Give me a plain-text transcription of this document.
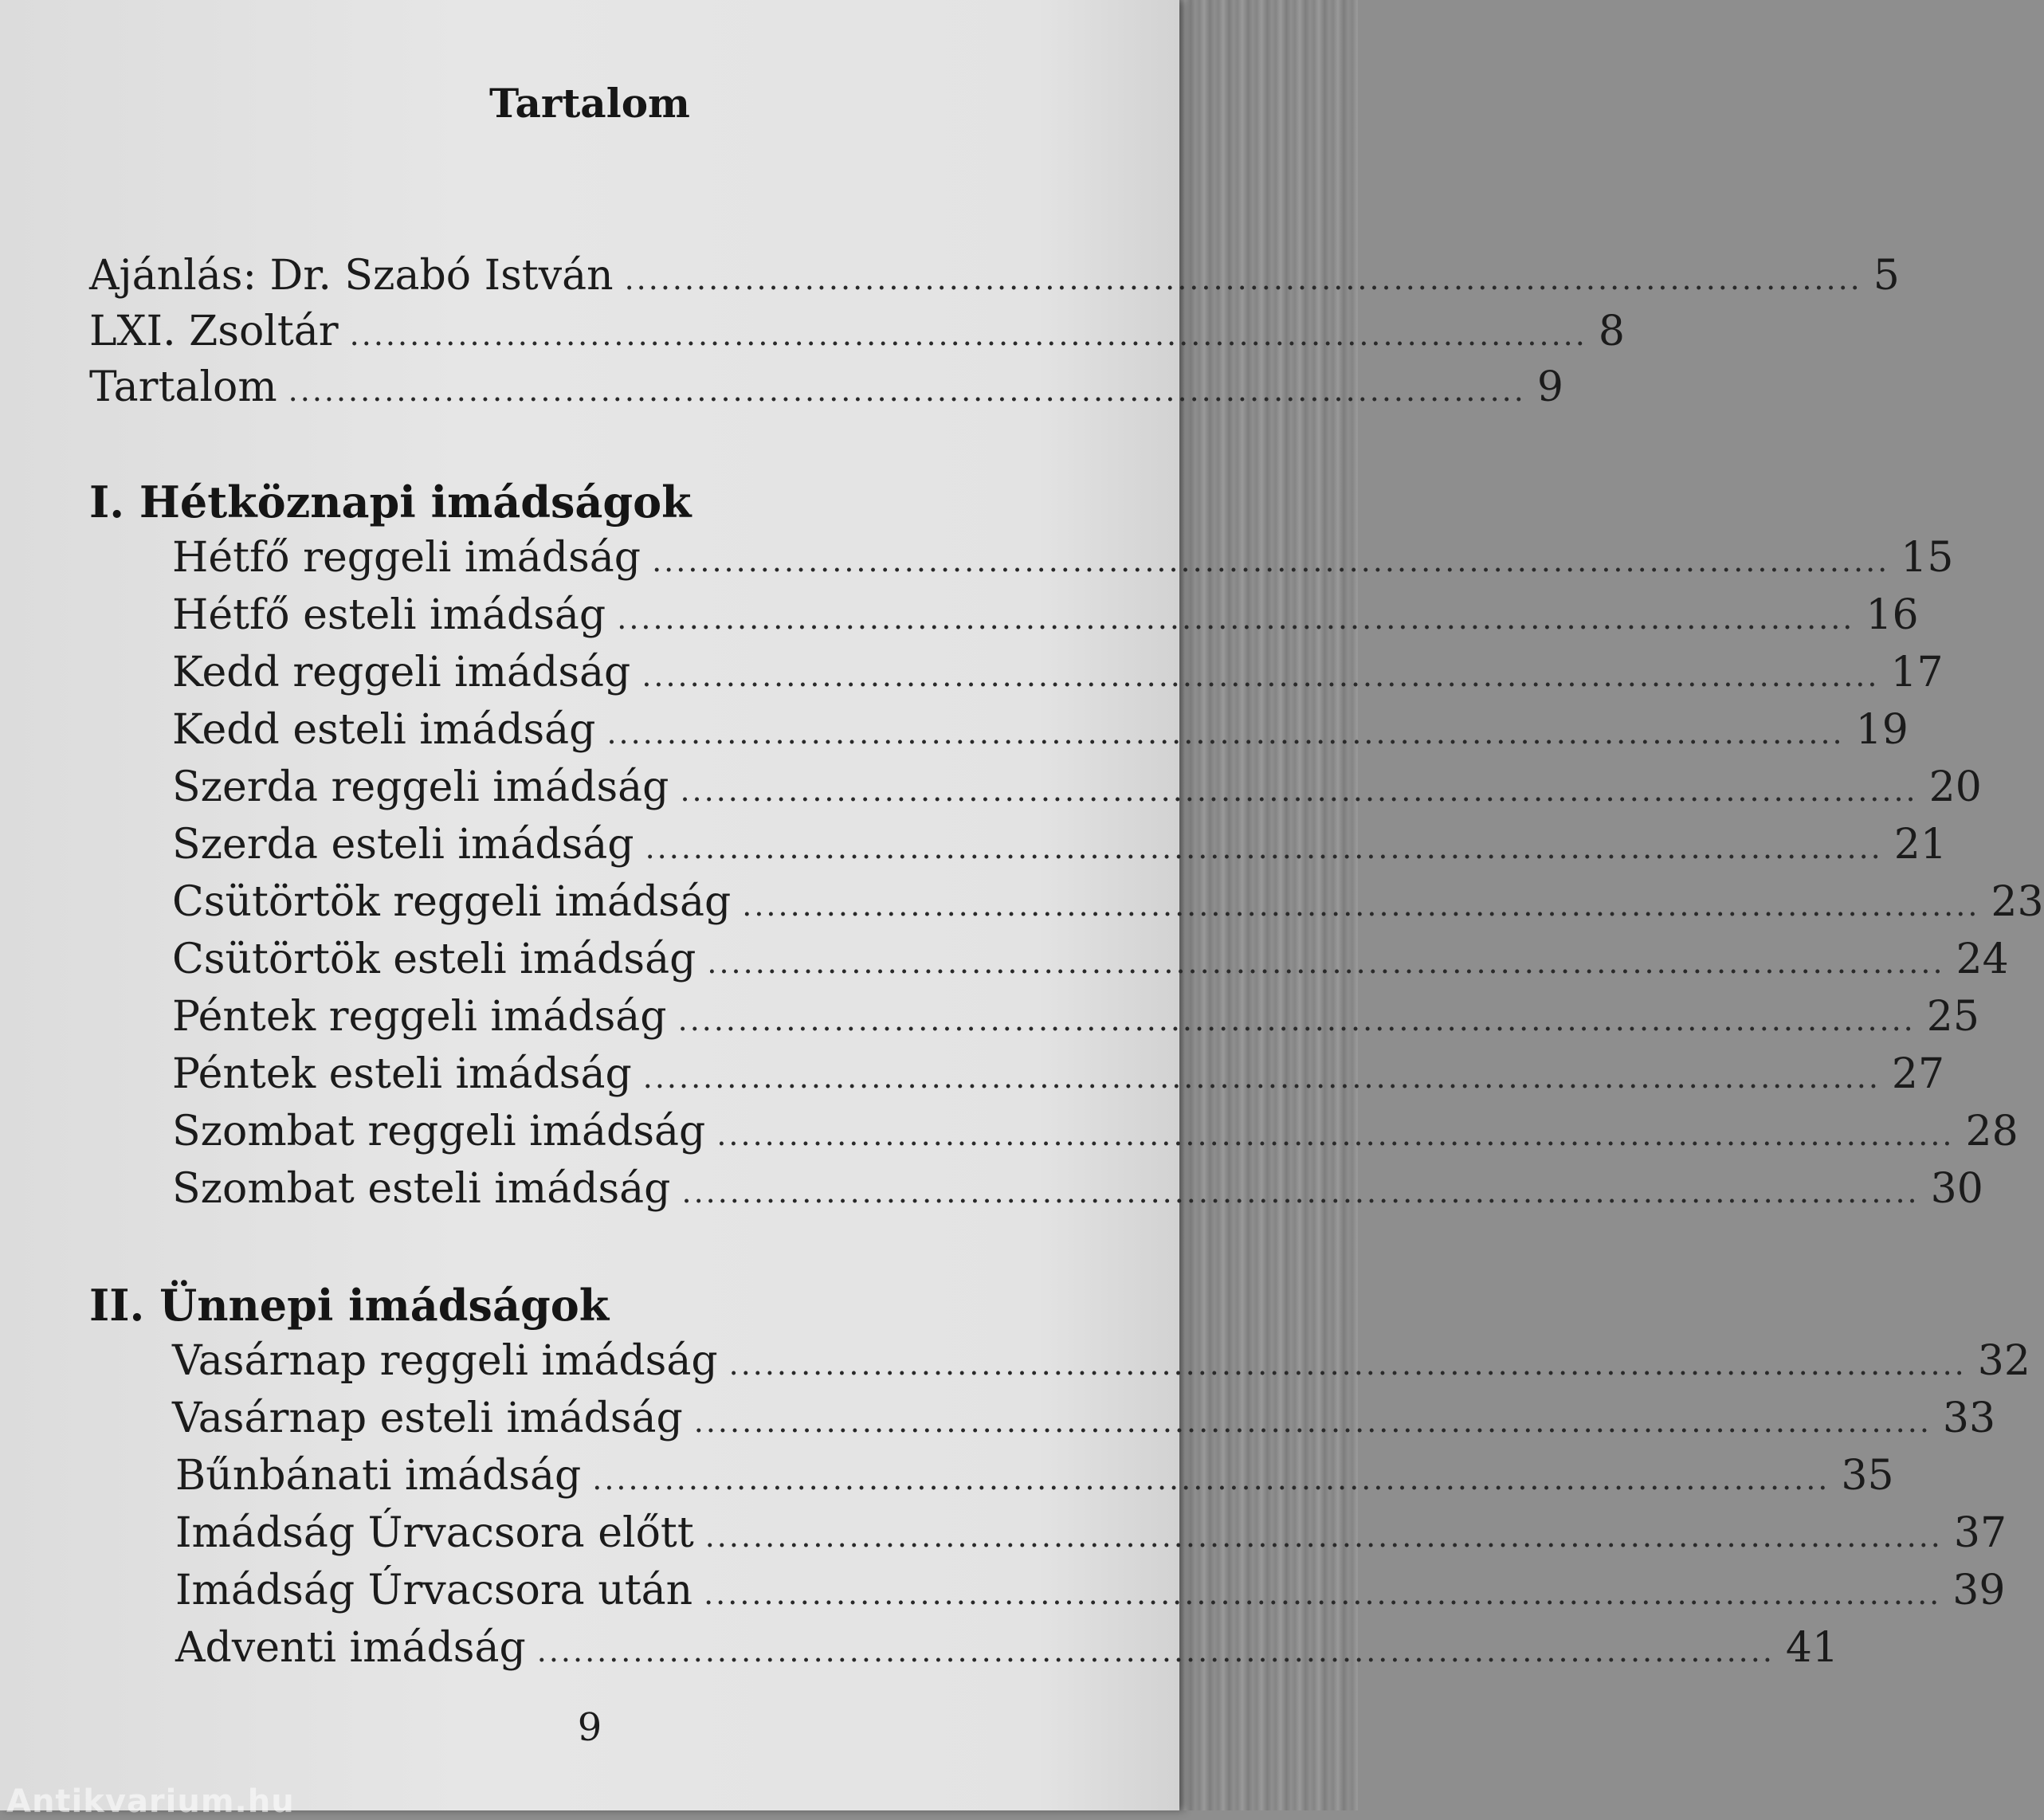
Tartalom
Ajánlás: Dr. Szabó István ....................................................................................................... 5
LXI. Zsoltár ....................................................................................................... 8
Tartalom ....................................................................................................... 9
I. Hétköznapi imádságok
Hétfő reggeli imádság ....................................................................................................... 15
Hétfő esteli imádság ....................................................................................................... 16
Kedd reggeli imádság ....................................................................................................... 17
Kedd esteli imádság ....................................................................................................... 19
Szerda reggeli imádság ....................................................................................................... 20
Szerda esteli imádság ....................................................................................................... 21
Csütörtök reggeli imádság ....................................................................................................... 23
Csütörtök esteli imádság ....................................................................................................... 24
Péntek reggeli imádság ....................................................................................................... 25
Péntek esteli imádság ....................................................................................................... 27
Szombat reggeli imádság ....................................................................................................... 28
Szombat esteli imádság ....................................................................................................... 30
II. Ünnepi imádságok
Vasárnap reggeli imádság ....................................................................................................... 32
Vasárnap esteli imádság ....................................................................................................... 33
Bűnbánati imádság ....................................................................................................... 35
Imádság Úrvacsora előtt ....................................................................................................... 37
Imádság Úrvacsora után ....................................................................................................... 39
Adventi imádság ....................................................................................................... 41
9
Antikvarium.hu
